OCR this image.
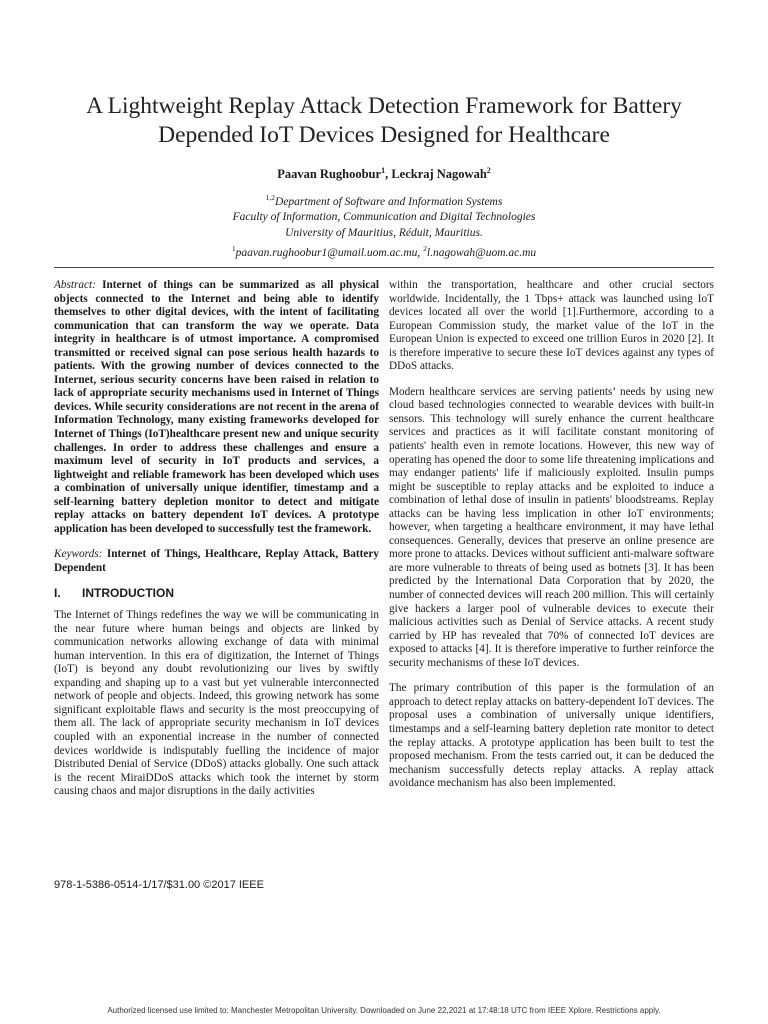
A Lightweight Replay Attack Detection Framework for Battery
Depended IoT Devices Designed for Healthcare
Paavan Rughoobur$^1$, Leckraj Nagowah$^2$
$^{1,2}$Department of Software and Information Systems
Faculty of Information, Communication and Digital Technologies
University of Mauritius, Réduit, Mauritius.
$^1$paavan.rughoobur1@umail.uom.ac.mu, $^2$l.nagowah@uom.ac.mu

Abstract: Internet of things can be summarized as all physical objects connected to the Internet and being able to identify themselves to other digital devices, with the intent of facilitating communication that can transform the way we operate. Data integrity in healthcare is of utmost importance. A compromised transmitted or received signal can pose serious health hazards to patients. With the growing number of devices connected to the Internet, serious security concerns have been raised in relation to lack of appropriate security mechanisms used in Internet of Things devices. While security considerations are not recent in the arena of Information Technology, many existing frameworks developed for Internet of Things (IoT)healthcare present new and unique security challenges. In order to address these challenges and ensure a maximum level of security in IoT products and services, a lightweight and reliable framework has been developed which uses a combination of universally unique identifier, timestamp and a self-learning battery depletion monitor to detect and mitigate replay attacks on battery dependent IoT devices. A prototype application has been developed to successfully test the framework.

Keywords: Internet of Things, Healthcare, Replay Attack, Battery Dependent

I. INTRODUCTION

The Internet of Things redefines the way we will be communicating in the near future where human beings and objects are linked by communication networks allowing exchange of data with minimal human intervention. In this era of digitization, the Internet of Things (IoT) is beyond any doubt revolutionizing our lives by swiftly expanding and shaping up to a vast but yet vulnerable interconnected network of people and objects. Indeed, this growing network has some significant exploitable flaws and security is the most preoccupying of them all. The lack of appropriate security mechanism in IoT devices coupled with an exponential increase in the number of connected devices worldwide is indisputably fuelling the incidence of major Distributed Denial of Service (DDoS) attacks globally. One such attack is the recent MiraiDDoS attacks which took the internet by storm causing chaos and major disruptions in the daily activities

within the transportation, healthcare and other crucial sectors worldwide. Incidentally, the 1 Tbps+ attack was launched using IoT devices located all over the world [1].Furthermore, according to a European Commission study, the market value of the IoT in the European Union is expected to exceed one trillion Euros in 2020 [2]. It is therefore imperative to secure these IoT devices against any types of DDoS attacks.

Modern healthcare services are serving patients’ needs by using new cloud based technologies connected to wearable devices with built-in sensors. This technology will surely enhance the current healthcare services and practices as it will facilitate constant monitoring of patients' health even in remote locations. However, this new way of operating has opened the door to some life threatening implications and may endanger patients' life if maliciously exploited. Insulin pumps might be susceptible to replay attacks and be exploited to induce a combination of lethal dose of insulin in patients' bloodstreams. Replay attacks can be having less implication in other IoT environments; however, when targeting a healthcare environment, it may have lethal consequences. Generally, devices that preserve an online presence are more prone to attacks. Devices without sufficient anti-malware software are more vulnerable to threats of being used as botnets [3]. It has been predicted by the International Data Corporation that by 2020, the number of connected devices will reach 200 million. This will certainly give hackers a larger pool of vulnerable devices to execute their malicious activities such as Denial of Service attacks. A recent study carried by HP has revealed that 70% of connected IoT devices are exposed to attacks [4]. It is therefore imperative to further reinforce the security mechanisms of these IoT devices.

The primary contribution of this paper is the formulation of an approach to detect replay attacks on battery-dependent IoT devices. The proposal uses a combination of universally unique identifiers, timestamps and a self-learning battery depletion rate monitor to detect the replay attacks. A prototype application has been built to test the proposed mechanism. From the tests carried out, it can be deduced the mechanism successfully detects replay attacks. A replay attack avoidance mechanism has also been implemented.

978-1-5386-0514-1/17/$31.00 ©2017 IEEE
Authorized licensed use limited to: Manchester Metropolitan University. Downloaded on June 22,2021 at 17:48:18 UTC from IEEE Xplore. Restrictions apply.
